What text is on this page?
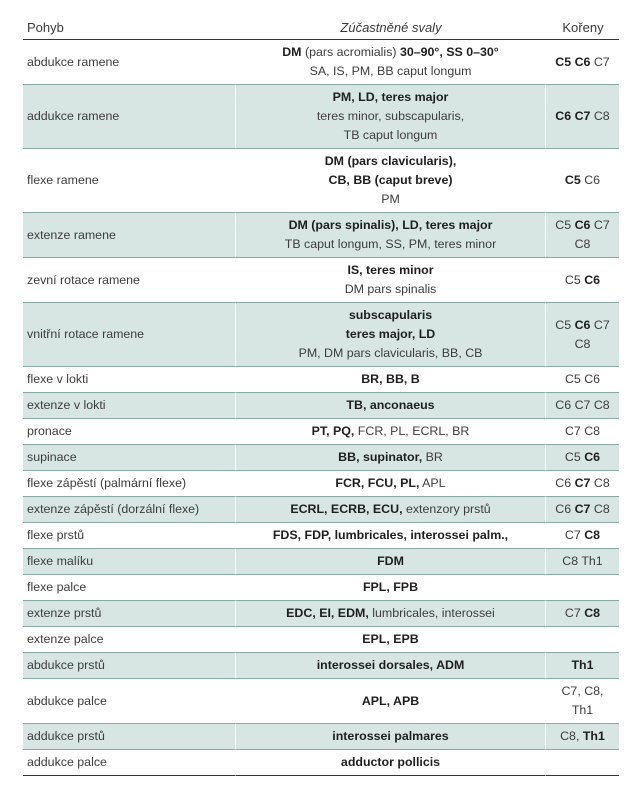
Pohyb	Zúčastněné svaly	Kořeny
abdukce ramene	DM (pars acromialis) 30–90°, SS 0–30°
SA, IS, PM, BB caput longum	C5 C6 C7

addukce ramene	PM, LD, teres major
teres minor, subscapularis,
TB caput longum	C6 C7 C8

flexe ramene	DM (pars clavicularis),
CB, BB (caput breve)
PM	C5 C6

extenze ramene	DM (pars spinalis), LD, teres major
TB caput longum, SS, PM, teres minor	C5 C6 C7
C8

zevní rotace ramene	IS, teres minor
DM pars spinalis	C5 C6

vnitřní rotace ramene	subscapularis
teres major, LD
PM, DM pars clavicularis, BB, CB	C5 C6 C7
C8

flexe v lokti	BR, BB, B	C5 C6

extenze v lokti	TB, anconaeus	C6 C7 C8

pronace	PT, PQ, FCR, PL, ECRL, BR	C7 C8

supinace	BB, supinator, BR	C5 C6

flexe zápěstí (palmární flexe)	FCR, FCU, PL, APL	C6 C7 C8

extenze zápěstí (dorzální flexe)	ECRL, ECRB, ECU, extenzory prstů	C6 C7 C8

flexe prstů	FDS, FDP, lumbricales, interossei palm.,	C7 C8

flexe malíku	FDM	C8 Th1

flexe palce	FPL, FPB	

extenze prstů	EDC, EI, EDM, lumbricales, interossei	C7 C8

extenze palce	EPL, EPB	

abdukce prstů	interossei dorsales, ADM	Th1

abdukce palce	APL, APB	C7, C8, Th1

addukce prstů	interossei palmares	C8, Th1

addukce palce	adductor pollicis	
